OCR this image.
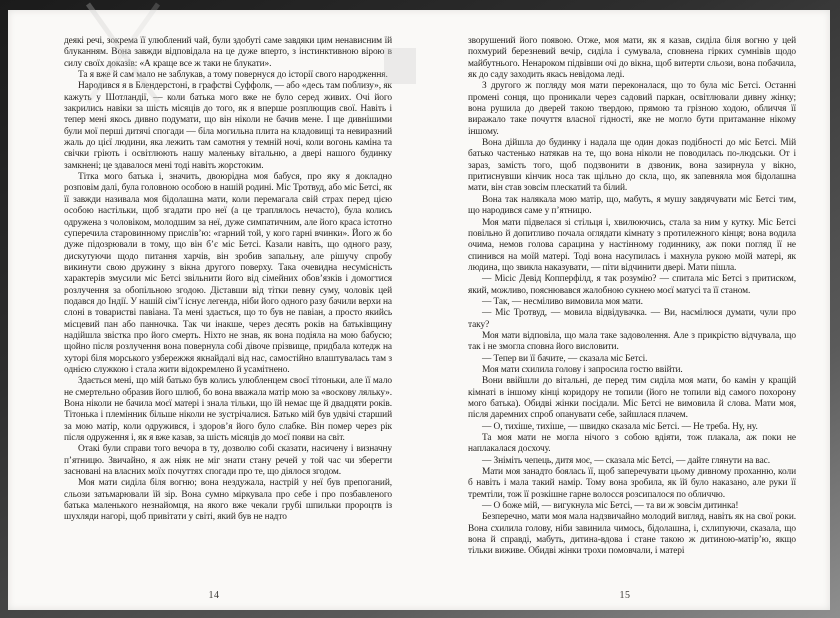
деякі речі, зокрема її улюблений чай, були здобуті саме завдяки цим ненависним їй блуканням. Вона завжди відповідала на це дуже вперто, з інстинктивною вірою в силу своїх доказів: «А краще все ж таки не блукати».

Та я вже й сам мало не заблукав, а тому повернуся до історії свого народження.

Народився я в Блендерстоні, в графстві Суффолк, — або «десь там поблизу», як кажуть у Шотландії, — коли батька мого вже не було серед живих. Очі його закрились навіки за шість місяців до того, як я вперше розплющив свої. Навіть і тепер мені якось дивно подумати, що він ніколи не бачив мене. І ще дивнішими були мої перші дитячі спогади — біла могильна плита на кладовищі та невиразний жаль до цієї людини, яка лежить там самотня у темній ночі, коли вогонь каміна та свічки гріють і освітлюють нашу маленьку вітальню, а двері нашого будинку замкнені; це здавалося мені тоді навіть жорстоким.

Тітка мого батька і, значить, двоюрідна моя бабуся, про яку я докладно розповім далі, була головною особою в нашій родині. Міс Тротвуд, або міс Бетсі, як її завжди називала моя бідолашна мати, коли перемагала свій страх перед цією особою настільки, щоб згадати про неї (а це траплялось нечасто), була колись одружена з чоловіком, молодшим за неї, дуже симпатичним, але його краса істотно суперечила старовинному прислів’ю: «гарний той, у кого гарні вчинки». Його ж бо дуже підозрювали в тому, що він б’є міс Бетсі. Казали навіть, що одного разу, дискутуючи щодо питання харчів, він зробив запальну, але рішучу спробу викинути свою дружину з вікна другого поверху. Така очевидна несумісність характерів змусили міс Бетсі звільнити його від сімейних обов’язків і домогтися розлучення за обопільною згодою. Діставши від тітки певну суму, чоловік цей подався до Індії. У нашій сім’ї існує легенда, ніби його одного разу бачили верхи на слоні в товаристві павіана. Та мені здається, що то був не павіан, а просто якийсь місцевий пан або панночка. Так чи інакше, через десять років на батьківщину надійшла звістка про його смерть. Ніхто не знав, як вона подіяла на мою бабусю; щойно після розлучення вона повернула собі дівоче прізвище, придбала котедж на хуторі біля морського узбережжя якнайдалі від нас, самостійно влаштувалась там з однією служкою і стала жити відокремлено й усамітнено.

Здається мені, що мій батько був колись улюбленцем своєї тітоньки, але її мало не смертельно образив його шлюб, бо вона вважала матір мою за «воскову ляльку». Вона ніколи не бачила моєї матері і знала тільки, що їй немає ще й двадцяти років. Тітонька і племінник більше ніколи не зустрічалися. Батько мій був удвічі старший за мою матір, коли одружився, і здоров’я його було слабке. Він помер через рік після одруження і, як я вже казав, за шість місяців до моєї появи на світ.

Отакі були справи того вечора в ту, дозволю собі сказати, насичену і визначну п’ятницю. Звичайно, я аж ніяк не міг знати стану речей у той час чи зберегти засновані на власних моїх почуттях спогади про те, що діялося згодом.

Моя мати сиділа біля вогню; вона нездужала, настрій у неї був препоганий, сльози затьмарювали їй зір. Вона сумно міркувала про себе і про позбавленого батька маленького незнайомця, на якого вже чекали грубі шпильки пророцтв із шухляди нагорі, щоб привітати у світі, який був не надто

14

зворушений його появою. Отже, моя мати, як я казав, сиділа біля вогню у цей похмурий березневий вечір, сиділа і сумувала, сповнена гірких сумнівів щодо майбутнього. Ненароком підвівши очі до вікна, щоб витерти сльози, вона побачила, як до саду заходить якась невідома леді.

З другого ж погляду моя мати переконалася, що то була міс Бетсі. Останні промені сонця, що проникали через садовий паркан, освітлювали дивну жінку; вона рушила до дверей такою твердою, прямою та грізною ходою, обличчя її виражало таке почуття власної гідності, яке не могло бути притаманне нікому іншому.

Вона дійшла до будинку і надала ще один доказ подібності до міс Бетсі. Мій батько частенько натякав на те, що вона ніколи не поводилась по-людськи. От і зараз, замість того, щоб подзвонити в дзвоник, вона зазирнула у вікно, притиснувши кінчик носа так щільно до скла, що, як запевняла моя бідолашна мати, він став зовсім плескатий та білий.

Вона так налякала мою матір, що, мабуть, я мушу завдячувати міс Бетсі тим, що народився саме у п’ятницю.

Моя мати підвелася зі стільця і, хвилюючись, стала за ним у кутку. Міс Бетсі повільно й допитливо почала оглядати кімнату з протилежного кінця; вона водила очима, немов голова сарацина у настінному годиннику, аж поки погляд її не спинився на моїй матері. Тоді вона насупилась і махнула рукою моїй матері, як людина, що звикла наказувати, — піти відчинити двері. Мати пішла.

— Місіс Девід Копперфілд, я так розумію? — спитала міс Бетсі з притиском, який, можливо, пояснювався жалобною сукнею моєї матусі та її станом.

— Так, — несміливо вимовила моя мати.

— Міс Тротвуд, — мовила відвідувачка. — Ви, насмілюся думати, чули про таку?

Моя мати відповіла, що мала таке задоволення. Але з прикрістю відчувала, що так і не змогла сповна його висловити.

— Тепер ви її бачите, — сказала міс Бетсі.

Моя мати схилила голову і запросила гостю ввійти.

Вони ввійшли до вітальні, де перед тим сиділа моя мати, бо камін у кращій кімнаті в іншому кінці коридору не топили (його не топили від самого похорону мого батька). Обидві жінки посідали. Міс Бетсі не вимовила й слова. Мати моя, після даремних спроб опанувати себе, зайшлася плачем.

— О, тихіше, тихіше, — швидко сказала міс Бетсі. — Не треба. Ну, ну.

Та моя мати не могла нічого з собою вдіяти, тож плакала, аж поки не наплакалася досхочу.

— Зніміть чепець, дитя моє, — сказала міс Бетсі, — дайте глянути на вас.

Мати моя занадто боялась її, щоб заперечувати цьому дивному проханню, коли б навіть і мала такий намір. Тому вона зробила, як їй було наказано, але руки її тремтіли, тож її розкішне гарне волосся розсипалося по обличчю.

— О боже мій, — вигукнула міс Бетсі, — та ви ж зовсім дитинка!

Безперечно, мати моя мала надзвичайно молодий вигляд, навіть як на свої роки. Вона схилила голову, ніби завинила чимось, бідолашна, і, схлипуючи, сказала, що вона й справді, мабуть, дитина-вдова і стане такою ж дитиною-матір’ю, якщо тільки виживе. Обидві жінки трохи помовчали, і матері

15
